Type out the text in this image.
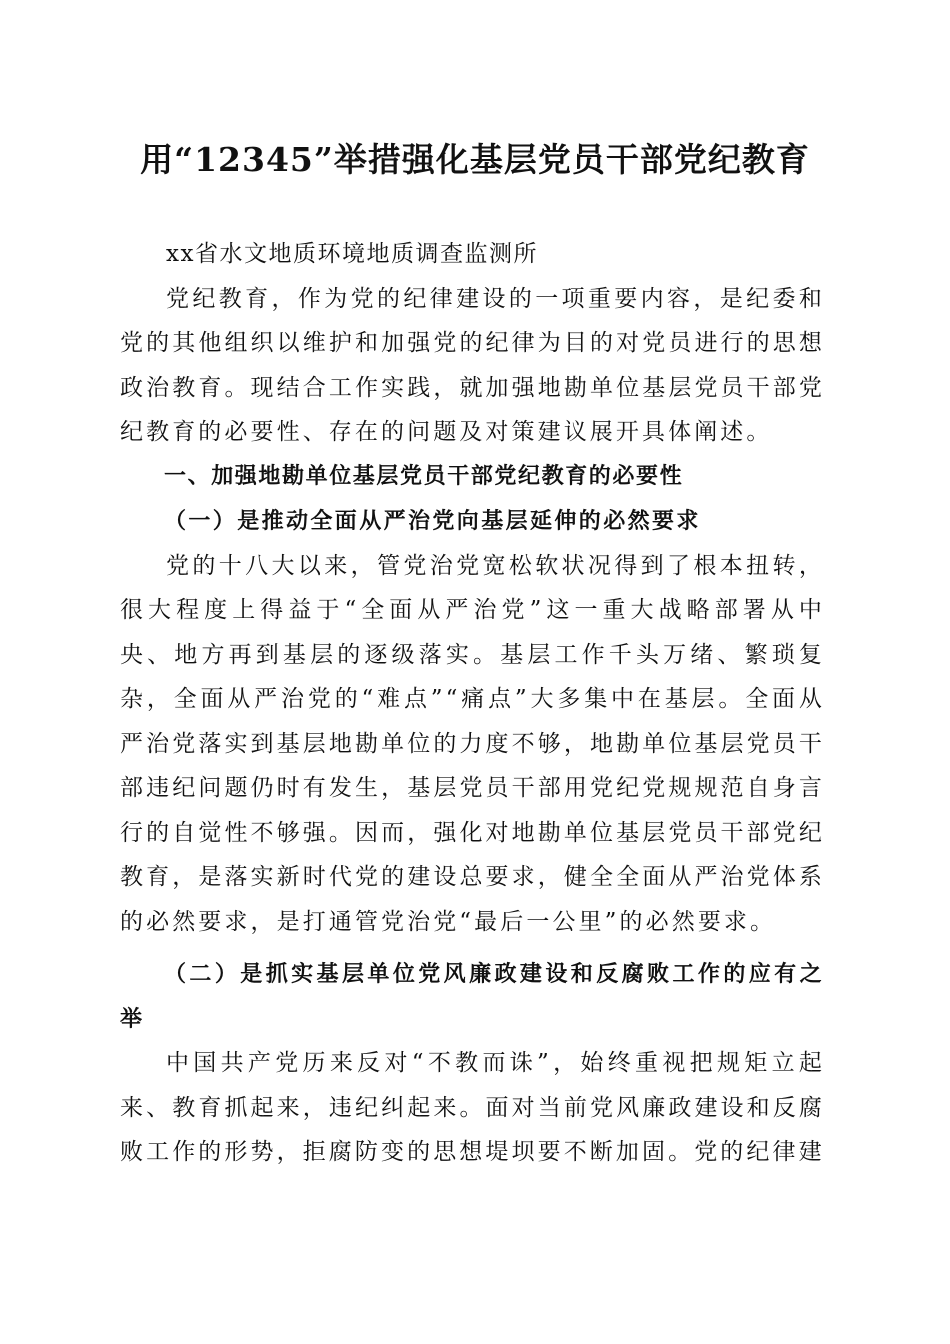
用“12345”举措强化基层党员干部党纪教育

xx省水文地质环境地质调查监测所

党纪教育，作为党的纪律建设的一项重要内容，是纪委和党的其他组织以维护和加强党的纪律为目的对党员进行的思想政治教育。现结合工作实践，就加强地勘单位基层党员干部党纪教育的必要性、存在的问题及对策建议展开具体阐述。

一、加强地勘单位基层党员干部党纪教育的必要性

（一）是推动全面从严治党向基层延伸的必然要求

党的十八大以来，管党治党宽松软状况得到了根本扭转，很大程度上得益于“全面从严治党”这一重大战略部署从中央、地方再到基层的逐级落实。基层工作千头万绪、繁琐复杂，全面从严治党的“难点”“痛点”大多集中在基层。全面从严治党落实到基层地勘单位的力度不够，地勘单位基层党员干部违纪问题仍时有发生，基层党员干部用党纪党规规范自身言行的自觉性不够强。因而，强化对地勘单位基层党员干部党纪教育，是落实新时代党的建设总要求，健全全面从严治党体系的必然要求，是打通管党治党“最后一公里”的必然要求。

（二）是抓实基层单位党风廉政建设和反腐败工作的应有之举

中国共产党历来反对“不教而诛”，始终重视把规矩立起来、教育抓起来，违纪纠起来。面对当前党风廉政建设和反腐败工作的形势，拒腐防变的思想堤坝要不断加固。党的纪律建
